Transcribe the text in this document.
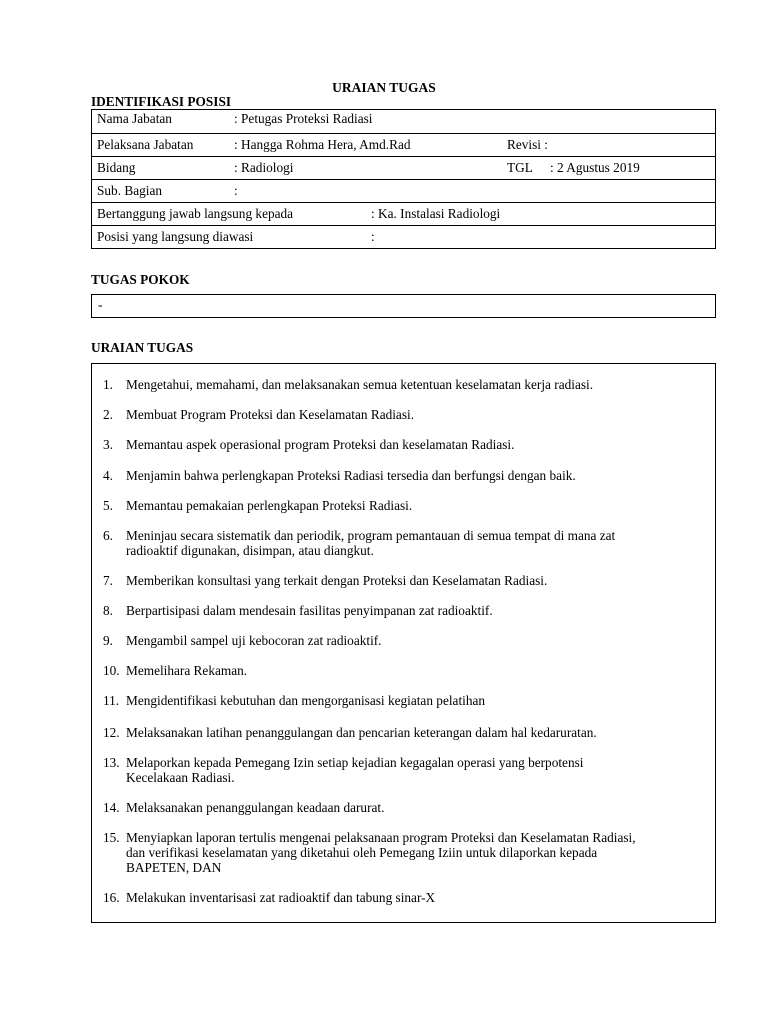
URAIAN TUGAS
IDENTIFIKASI POSISI
Nama Jabatan	: Petugas Proteksi Radiasi
Pelaksana Jabatan	: Hangga Rohma Hera, Amd.Rad	Revisi :
Bidang	: Radiologi	TGL : 2 Agustus 2019
Sub. Bagian	:
Bertanggung jawab langsung kepada	: Ka. Instalasi Radiologi
Posisi yang langsung diawasi	:
TUGAS POKOK
-
URAIAN TUGAS
1. Mengetahui, memahami, dan melaksanakan semua ketentuan keselamatan kerja radiasi.
2. Membuat Program Proteksi dan Keselamatan Radiasi.
3. Memantau aspek operasional program Proteksi dan keselamatan Radiasi.
4. Menjamin bahwa perlengkapan Proteksi Radiasi tersedia dan berfungsi dengan baik.
5. Memantau pemakaian perlengkapan Proteksi Radiasi.
6. Meninjau secara sistematik dan periodik, program pemantauan di semua tempat di mana zat
radioaktif digunakan, disimpan, atau diangkut.
7. Memberikan konsultasi yang terkait dengan Proteksi dan Keselamatan Radiasi.
8. Berpartisipasi dalam mendesain fasilitas penyimpanan zat radioaktif.
9. Mengambil sampel uji kebocoran zat radioaktif.
10. Memelihara Rekaman.
11. Mengidentifikasi kebutuhan dan mengorganisasi kegiatan pelatihan
12. Melaksanakan latihan penanggulangan dan pencarian keterangan dalam hal kedaruratan.
13. Melaporkan kepada Pemegang Izin setiap kejadian kegagalan operasi yang berpotensi
Kecelakaan Radiasi.
14. Melaksanakan penanggulangan keadaan darurat.
15. Menyiapkan laporan tertulis mengenai pelaksanaan program Proteksi dan Keselamatan Radiasi,
dan verifikasi keselamatan yang diketahui oleh Pemegang Iziin untuk dilaporkan kepada
BAPETEN, DAN
16. Melakukan inventarisasi zat radioaktif dan tabung sinar-X
